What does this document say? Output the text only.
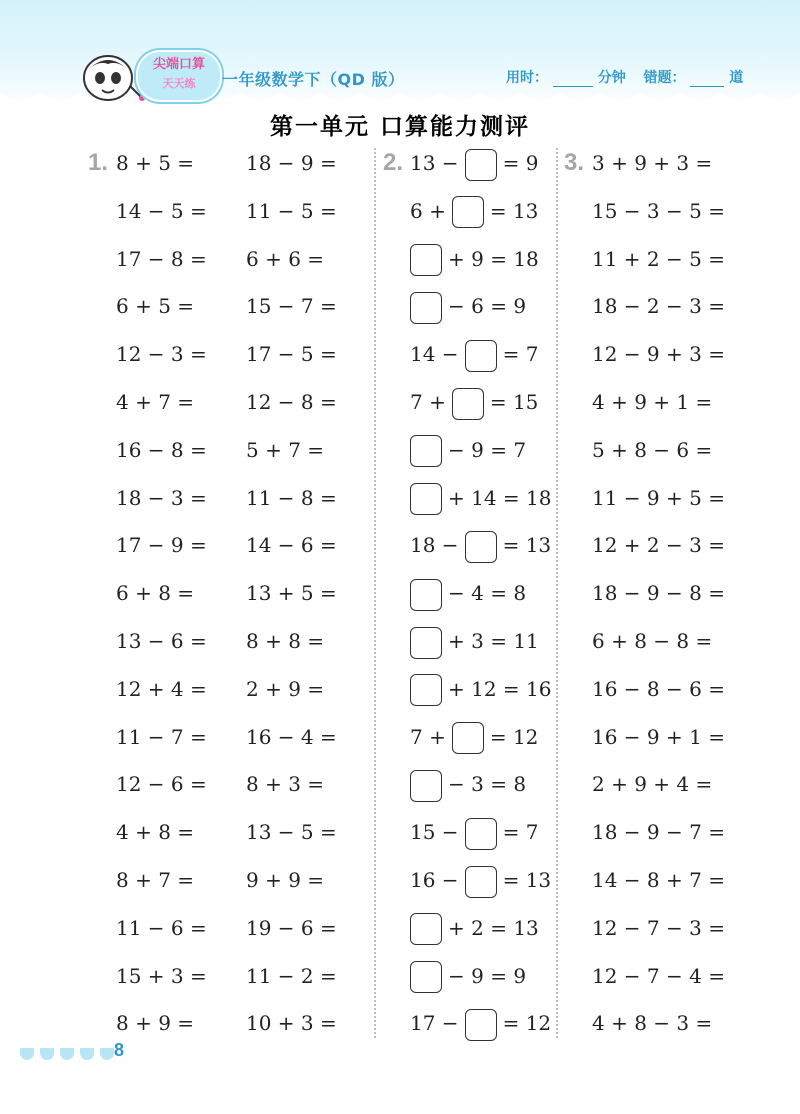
尖端口算
天天练	一年级数学下（QD 版）	用时：	分钟 错题：	道
第一单元 口算能力测评
1.	2.	3.
8 + 5 =
14 − 5 =
17 − 8 =
6 + 5 =
12 − 3 =
4 + 7 =
16 − 8 =
18 − 3 =
17 − 9 =
6 + 8 =
13 − 6 =
12 + 4 =
11 − 7 =
12 − 6 =
4 + 8 =
8 + 7 =
11 − 6 =
15 + 3 =
8 + 9 =
18 − 9 =
11 − 5 =
6 + 6 =
15 − 7 =
17 − 5 =
12 − 8 =
5 + 7 =
11 − 8 =
14 − 6 =
13 + 5 =
8 + 8 =
2 + 9 =
16 − 4 =
8 + 3 =
13 − 5 =
9 + 9 =
19 − 6 =
11 − 2 =
10 + 3 =
13 − = 9
6 + = 13
+ 9 = 18
− 6 = 9
14 − = 7
7 + = 15
− 9 = 7
+ 14 = 18
18 − = 13
− 4 = 8
+ 3 = 11
+ 12 = 16
7 + = 12
− 3 = 8
15 − = 7
16 − = 13
+ 2 = 13
− 9 = 9
17 − = 12
3 + 9 + 3 =
15 − 3 − 5 =
11 + 2 − 5 =
18 − 2 − 3 =
12 − 9 + 3 =
4 + 9 + 1 =
5 + 8 − 6 =
11 − 9 + 5 =
12 + 2 − 3 =
18 − 9 − 8 =
6 + 8 − 8 =
16 − 8 − 6 =
16 − 9 + 1 =
2 + 9 + 4 =
18 − 9 − 7 =
14 − 8 + 7 =
12 − 7 − 3 =
12 − 7 − 4 =
4 + 8 − 3 =
8
